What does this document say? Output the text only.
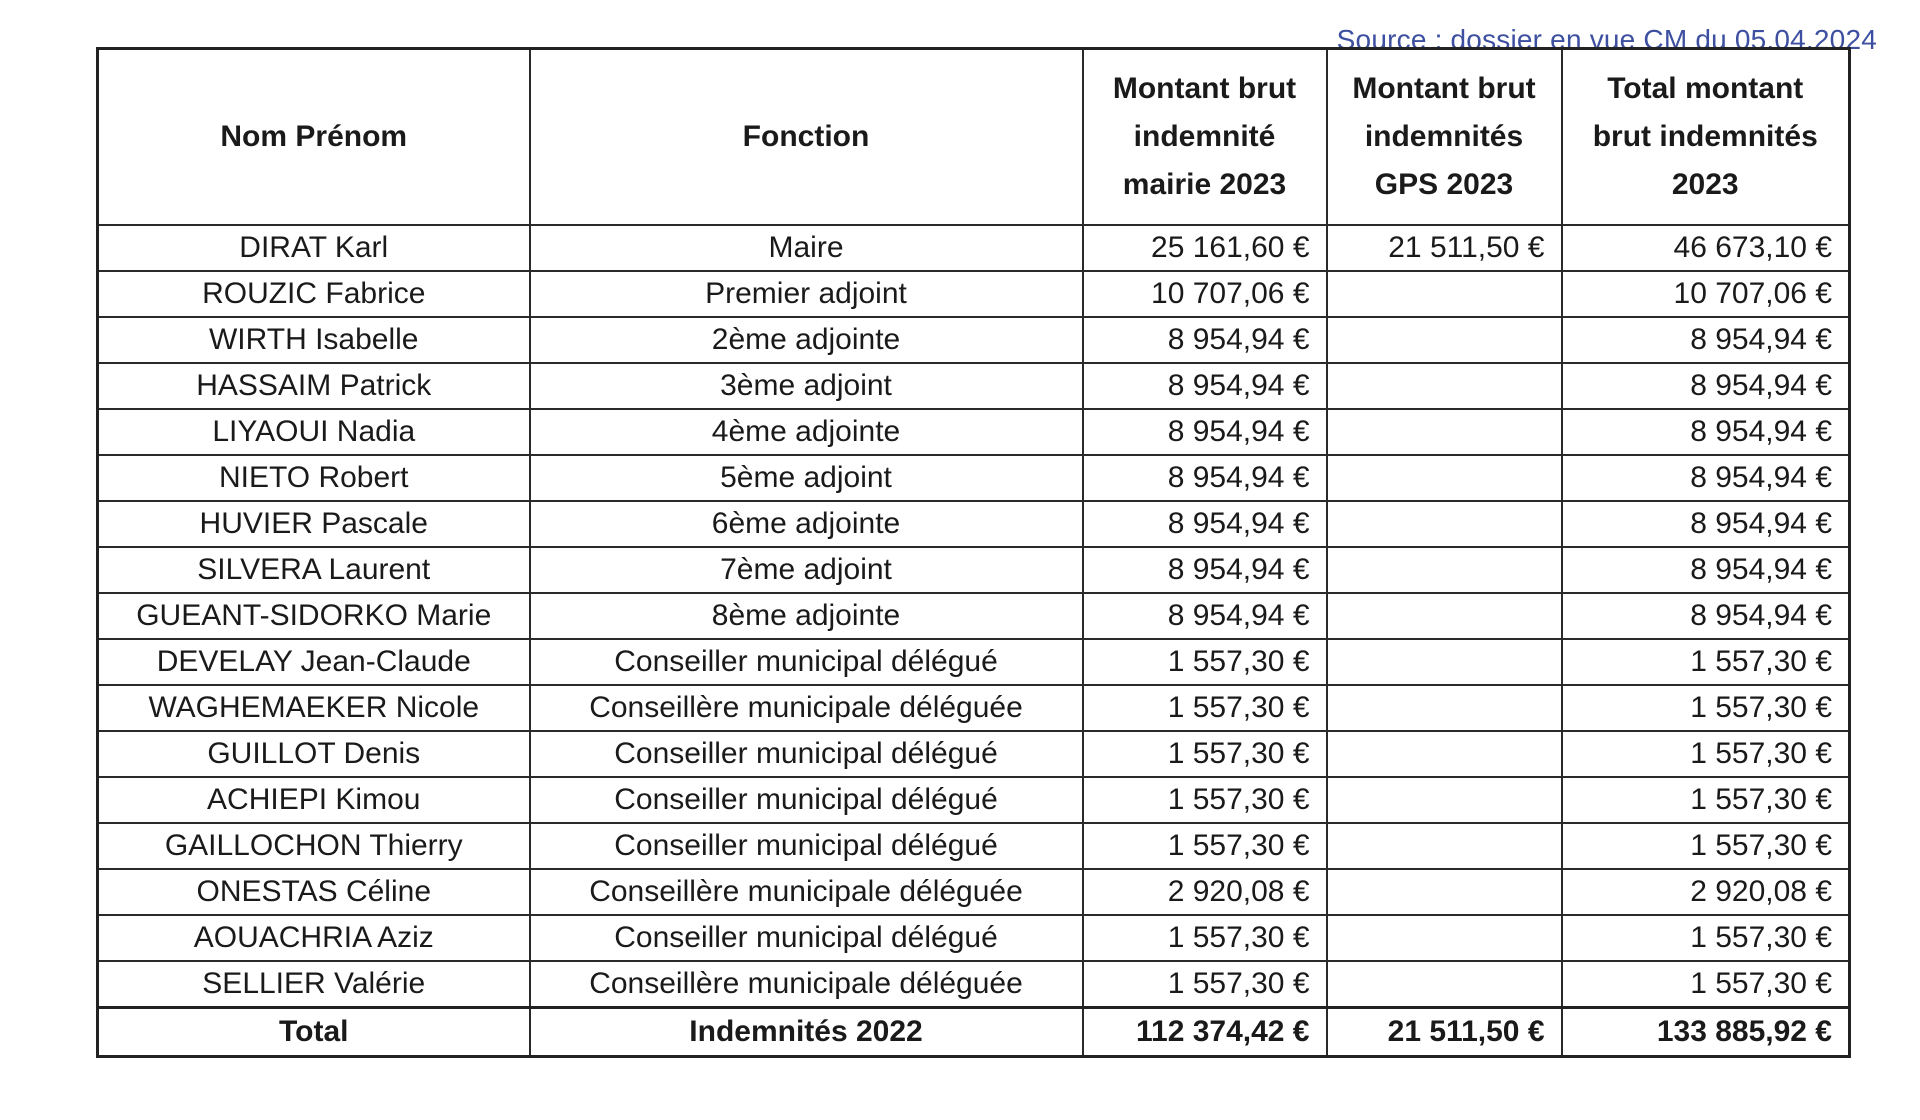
Source : dossier en vue CM du 05.04.2024
Nom Prénom	Fonction	Montant brut indemnité mairie 2023	Montant brut indemnités GPS 2023	Total montant brut indemnités 2023
DIRAT Karl	Maire	25 161,60 €	21 511,50 €	46 673,10 €
ROUZIC Fabrice	Premier adjoint	10 707,06 €		10 707,06 €
WIRTH Isabelle	2ème adjointe	8 954,94 €		8 954,94 €
HASSAIM Patrick	3ème adjoint	8 954,94 €		8 954,94 €
LIYAOUI Nadia	4ème adjointe	8 954,94 €		8 954,94 €
NIETO Robert	5ème adjoint	8 954,94 €		8 954,94 €
HUVIER Pascale	6ème adjointe	8 954,94 €		8 954,94 €
SILVERA Laurent	7ème adjoint	8 954,94 €		8 954,94 €
GUEANT-SIDORKO Marie	8ème adjointe	8 954,94 €		8 954,94 €
DEVELAY Jean-Claude	Conseiller municipal délégué	1 557,30 €		1 557,30 €
WAGHEMAEKER Nicole	Conseillère municipale déléguée	1 557,30 €		1 557,30 €
GUILLOT Denis	Conseiller municipal délégué	1 557,30 €		1 557,30 €
ACHIEPI Kimou	Conseiller municipal délégué	1 557,30 €		1 557,30 €
GAILLOCHON Thierry	Conseiller municipal délégué	1 557,30 €		1 557,30 €
ONESTAS Céline	Conseillère municipale déléguée	2 920,08 €		2 920,08 €
AOUACHRIA Aziz	Conseiller municipal délégué	1 557,30 €		1 557,30 €
SELLIER Valérie	Conseillère municipale déléguée	1 557,30 €		1 557,30 €
Total	Indemnités 2022	112 374,42 €	21 511,50 €	133 885,92 €
